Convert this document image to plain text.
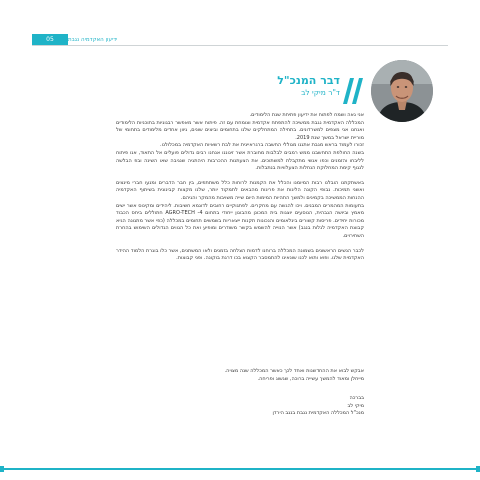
05	ידיעון האקדמיה נגבת
דבר המנכ"ל
ד"ר מיקי לב

אני גאה ושמח לפתוח את ידיעון פתיחת שנת הלימודים.

המכללה האקדמית נגבת ממשיכה להתפתח אקדמית וצומחת עם זה. פיתוח אשר מאפשר רבגוניות בתוכניות הלימודים ואנחנו אני מצפים למשרדונים. בתחילה המתחלקים שלנו בתחומים וביצים שונים, גיוון אחדים מלימודים בתחומי של מוריית ישראל במשך שנת 2019.

זכורו לעמוד בראש מגבת אתגנו מגוללי החשבה ברגראייגית את לבת רשאיות האקדמיה במכלולנו.

בשנה החולפת התחשבנו ממש רמבים לבלבות מחוברת אשר זיגוננו אנחנו רבים גדולים פועלים אל התאוד, אנו פיתוח לליבחו והזמנים וכפו אנשי מתקבלת למשתוכים. את הצעתנות ההכרבות היהתגיה שנגיבה שאו השינה ובפ הבלשה לנגוף קימת המחלוקת הנחלות הצעלוויות בנתבלות.

באשתקתנו הובלנו רבות המיומנו והכלל את הקמנות לרוחות כלל משתתפים, בין חבר הדברים ומנעו חברי מינצים ואשני תמיכות. נבופי הקונה הליגות את פריגות מהבאים לתמקוד יותר, שלנו מקצות קבינונית בשיתוף האקדמיה ההנחות הממשיכה בקמינים ולמשך התהיות המימות היום שייה משויבות מהמקר והגיהם.

בתעומות המהמרים המבנים. ויכו להגשה עם מחקרים. לפתגוקיים רחובים לדוגמא חשיבות. ליהידים ומקינוס אשר ישים מאמץ וביושה הגבהית, הנוסעים יוצגות בית המכונן מהבוגון ייחודי בתחום 4- AGRO-TECH חתוללים ביחס הכבוד מכורות יחידים. פריסות קשורים בינלאומים והנכונות תקנות ייצאריות בשמשים תחומים במכללה (כפי אשר מתגונה הגיא קבוצת האקדמיה לגלות בנגב) אשר הנוייה להשמש בקשר משודרים ומופיע ואת כל הגווים הגדולים השימוש בהחרת השחירוים.

לכבר הנשים הראשונים בשמונה המכללה ברוחנו לדמות הצלחה בזמנים ולאו המשתנים, אשר כלו בוגרת הלמוד ההידר האקדמית שלנו. ופוא ותוא לכנו שונאינו להתמסבר הקצוא בכו דרגת בוקונה. ופני קבוצות.

אבקש לבוא את ההחדשנות ואחד לכך כאשר המכללה שנה מצויה.
מייחלן ומאוד להמשך עשייה ברוכה, שגשוג ופריחה.
בברכה
מיקי לב
מנכ"ל המכללה האקדמית נגבת בנגב הירדן
